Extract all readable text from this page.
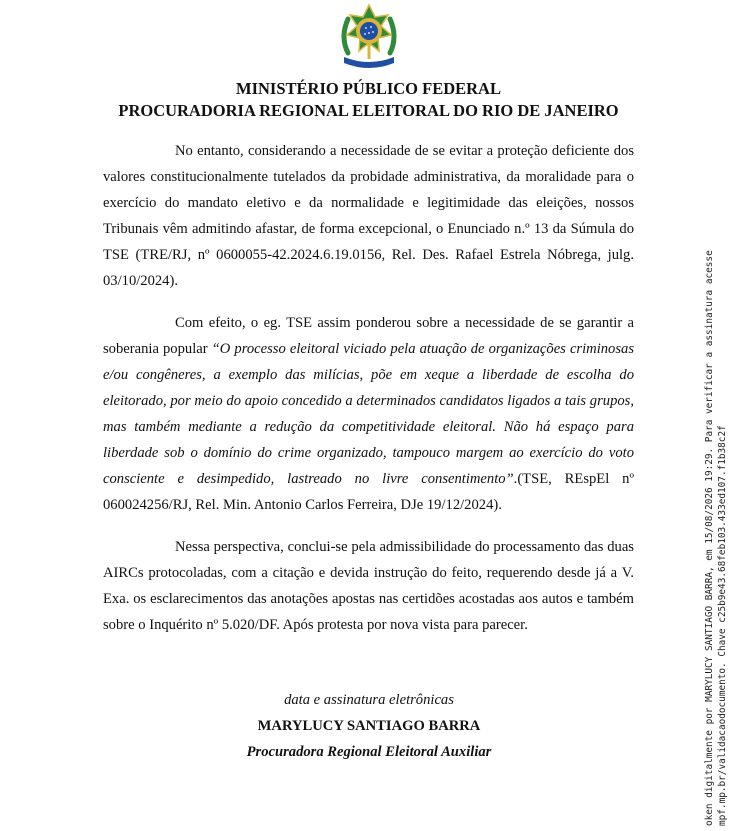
MINISTÉRIO PÚBLICO FEDERAL
PROCURADORIA REGIONAL ELEITORAL DO RIO DE JANEIRO

No entanto, considerando a necessidade de se evitar a proteção deficiente dos valores constitucionalmente tutelados da probidade administrativa, da moralidade para o exercício do mandato eletivo e da normalidade e legitimidade das eleições, nossos Tribunais vêm admitindo afastar, de forma excepcional, o Enunciado n.º 13 da Súmula do TSE (TRE/RJ, nº 0600055-42.2024.6.19.0156, Rel. Des. Rafael Estrela Nóbrega, julg. 03/10/2024).

Com efeito, o eg. TSE assim ponderou sobre a necessidade de se garantir a soberania popular “O processo eleitoral viciado pela atuação de organizações criminosas e/ou congêneres, a exemplo das milícias, põe em xeque a liberdade de escolha do eleitorado, por meio do apoio concedido a determinados candidatos ligados a tais grupos, mas também mediante a redução da competitividade eleitoral. Não há espaço para liberdade sob o domínio do crime organizado, tampouco margem ao exercício do voto consciente e desimpedido, lastreado no livre consentimento”.(TSE, REspEl nº 060024256/RJ, Rel. Min. Antonio Carlos Ferreira, DJe 19/12/2024).

Nessa perspectiva, conclui-se pela admissibilidade do processamento das duas AIRCs protocoladas, com a citação e devida instrução do feito, requerendo desde já a V. Exa. os esclarecimentos das anotações apostas nas certidões acostadas aos autos e também sobre o Inquérito nº 5.020/DF. Após protesta por nova vista para parecer.

data e assinatura eletrônicas
MARYLUCY SANTIAGO BARRA
Procuradora Regional Eleitoral Auxiliar	oken digitalmente por MARYLUCY SANTIAGO BARRA, em 15/08/2026 19:29. Para verificar a assinatura acesse mpf.mp.br/validacaodocumento. Chave c25b9e43.68feb103.433ed107.f1b38c2f
